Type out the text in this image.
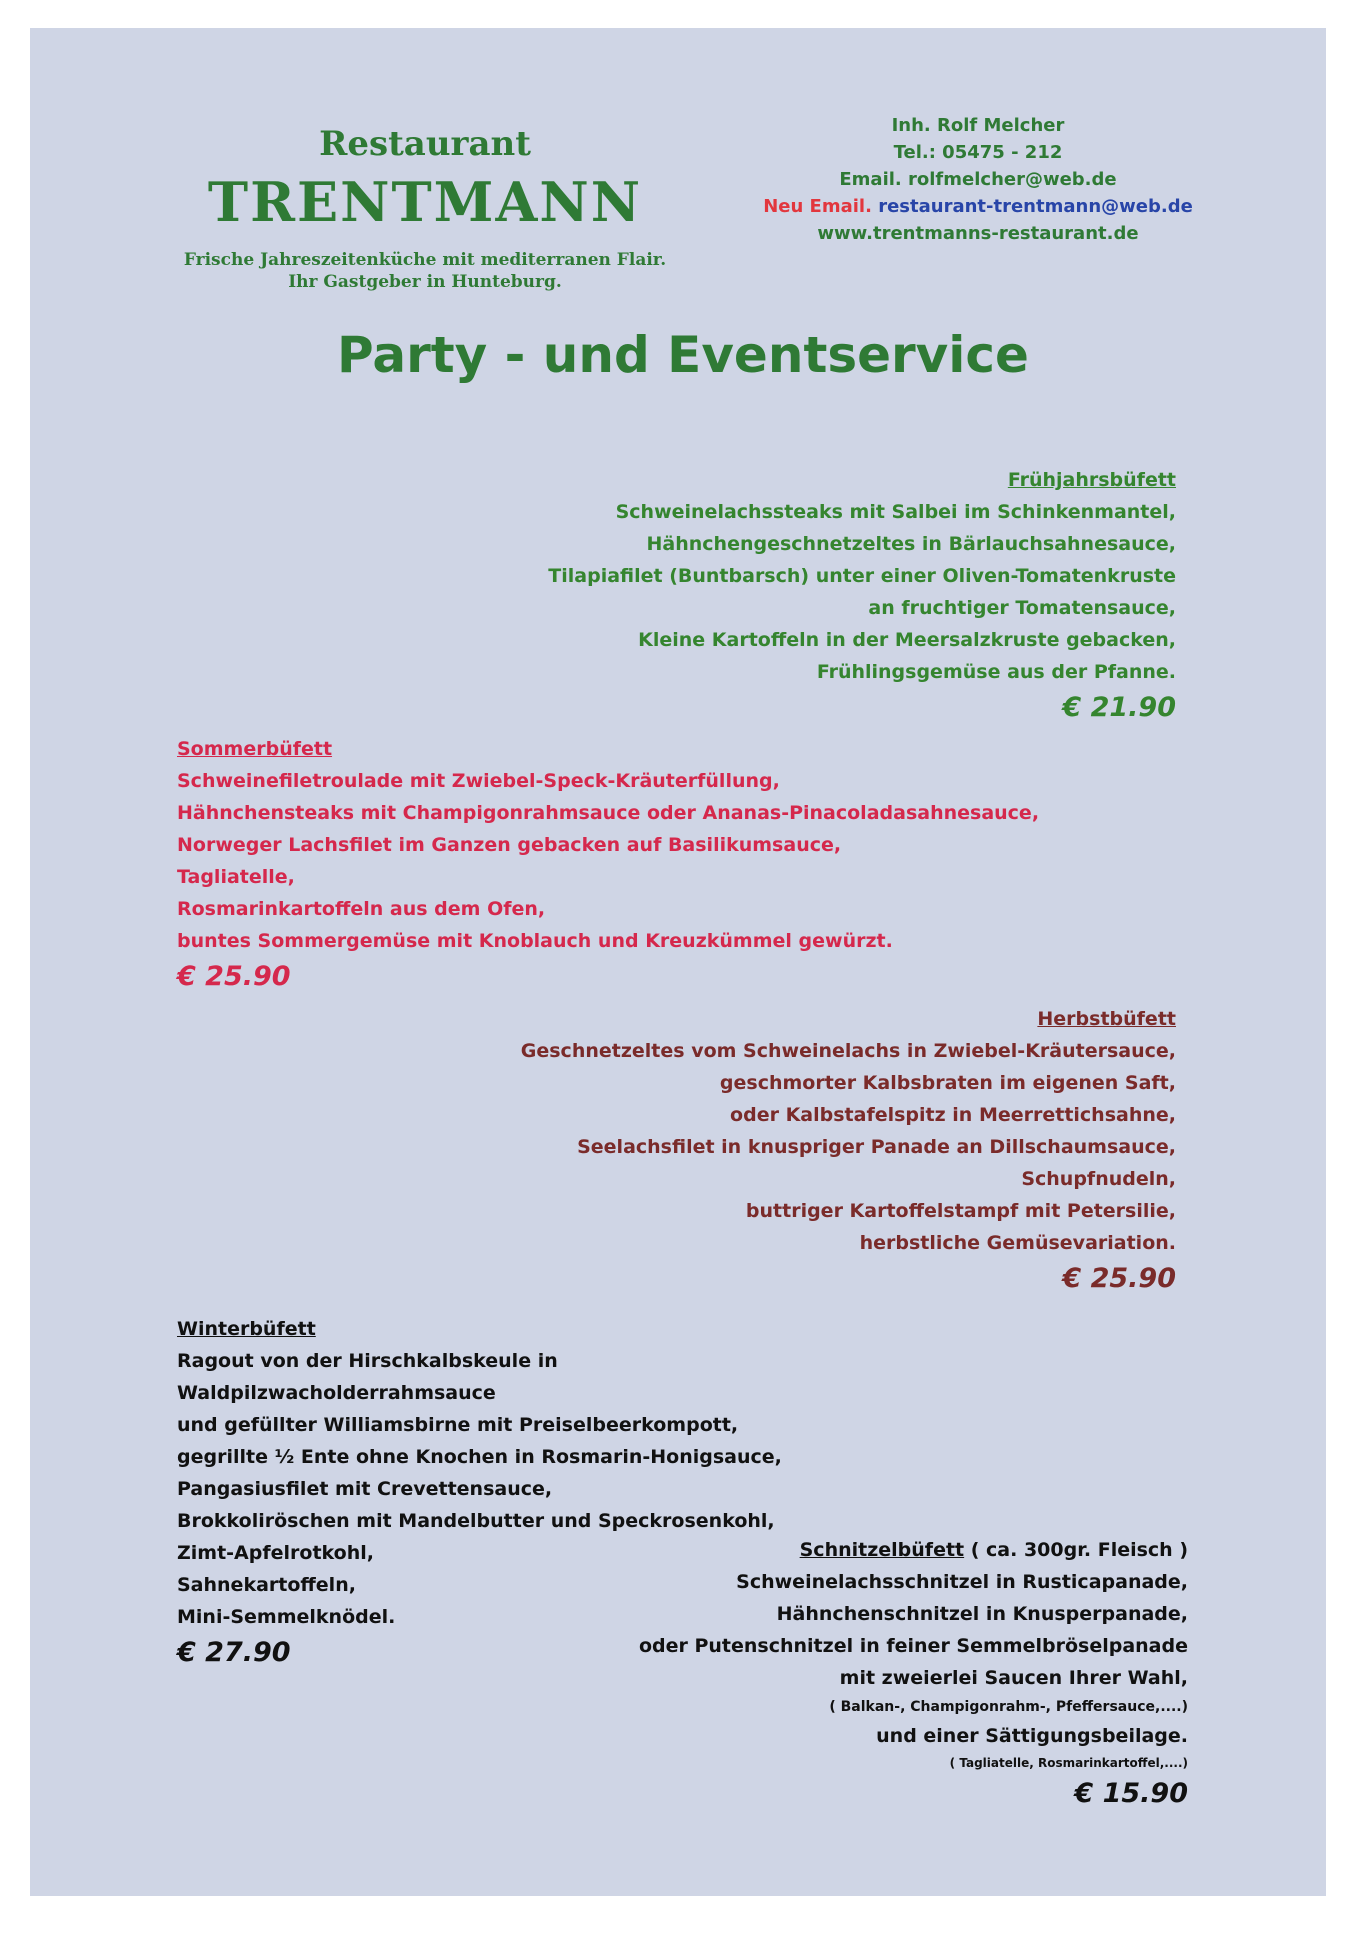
Restaurant
TRENTMANN
Frische Jahreszeitenküche mit mediterranen Flair.
Ihr Gastgeber in Hunteburg.
Inh. Rolf Melcher
Tel.: 05475 - 212
Email. rolfmelcher@web.de
Neu Email. restaurant-trentmann@web.de
www.trentmanns-restaurant.de
Party - und Eventservice
Frühjahrsbüfett
Schweinelachssteaks mit Salbei im Schinkenmantel,
Hähnchengeschnetzeltes in Bärlauchsahnesauce,
Tilapiafilet (Buntbarsch) unter einer Oliven-Tomatenkruste
an fruchtiger Tomatensauce,
Kleine Kartoffeln in der Meersalzkruste gebacken,
Frühlingsgemüse aus der Pfanne.
€ 21.90
Sommerbüfett
Schweinefiletroulade mit Zwiebel-Speck-Kräuterfüllung,
Hähnchensteaks mit Champigonrahmsauce oder Ananas-Pinacoladasahnesauce,
Norweger Lachsfilet im Ganzen gebacken auf Basilikumsauce,
Tagliatelle,
Rosmarinkartoffeln aus dem Ofen,
buntes Sommergemüse mit Knoblauch und Kreuzkümmel gewürzt.
€ 25.90
Herbstbüfett
Geschnetzeltes vom Schweinelachs in Zwiebel-Kräutersauce,
geschmorter Kalbsbraten im eigenen Saft,
oder Kalbstafelspitz in Meerrettichsahne,
Seelachsfilet in knuspriger Panade an Dillschaumsauce,
Schupfnudeln,
buttriger Kartoffelstampf mit Petersilie,
herbstliche Gemüsevariation.
€ 25.90
Winterbüfett
Ragout von der Hirschkalbskeule in Waldpilzwacholderrahmsauce
und gefüllter Williamsbirne mit Preiselbeerkompott,
gegrillte ½ Ente ohne Knochen in Rosmarin-Honigsauce,
Pangasiusfilet mit Crevettensauce,
Brokkoliröschen mit Mandelbutter und Speckrosenkohl,
Zimt-Apfelrotkohl,
Sahnekartoffeln,
Mini-Semmelknödel.
€ 27.90
Schnitzelbüfett ( ca. 300gr. Fleisch )
Schweinelachsschnitzel in Rusticapanade,
Hähnchenschnitzel in Knusperpanade,
oder Putenschnitzel in feiner Semmelbröselpanade
mit zweierlei Saucen Ihrer Wahl,
( Balkan-, Champigonrahm-, Pfeffersauce,....)
und einer Sättigungsbeilage.
( Tagliatelle, Rosmarinkartoffel,....)
€ 15.90
